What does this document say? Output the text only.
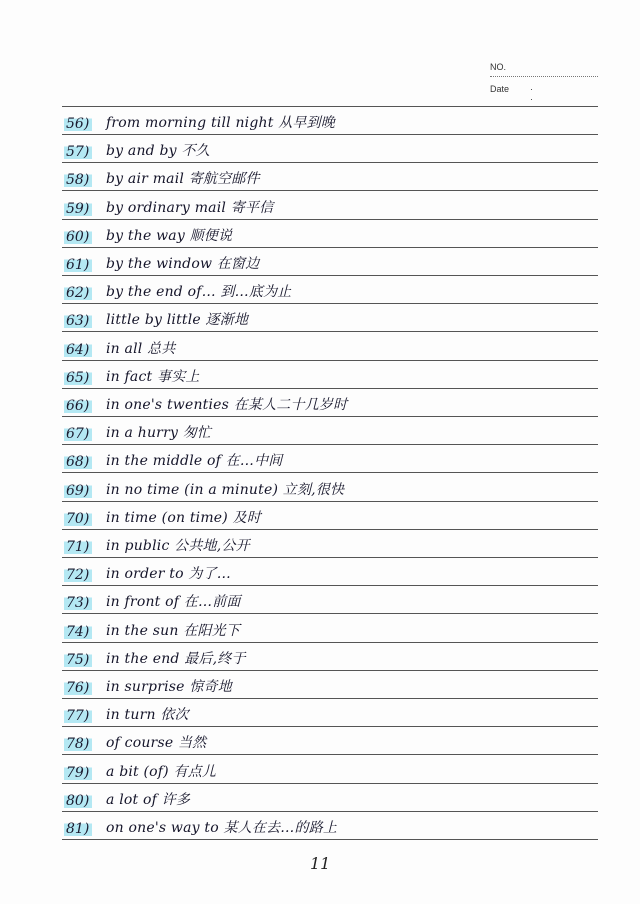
NO.
Date · ·
56) from morning till night 从早到晚
57) by and by 不久
58) by air mail 寄航空邮件
59) by ordinary mail 寄平信
60) by the way 顺便说
61) by the window 在窗边
62) by the end of… 到…底为止
63) little by little 逐渐地
64) in all 总共
65) in fact 事实上
66) in one's twenties 在某人二十几岁时
67) in a hurry 匆忙
68) in the middle of 在…中间
69) in no time (in a minute) 立刻,很快
70) in time (on time) 及时
71) in public 公共地,公开
72) in order to 为了…
73) in front of 在…前面
74) in the sun 在阳光下
75) in the end 最后,终于
76) in surprise 惊奇地
77) in turn 依次
78) of course 当然
79) a bit (of) 有点儿
80) a lot of 许多
81) on one's way to 某人在去…的路上
11
